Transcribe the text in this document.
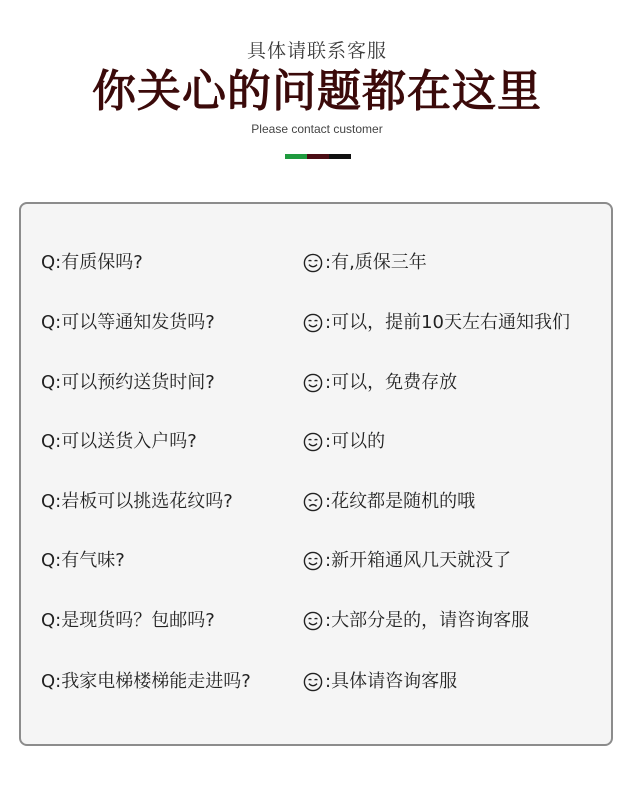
具体请联系客服
你关心的问题都在这里
Please contact customer
Q:有质保吗?	:有,质保三年
Q:可以等通知发货吗?	:可以，提前10天左右通知我们
Q:可以预约送货时间?	:可以，免费存放
Q:可以送货入户吗?	:可以的
Q:岩板可以挑选花纹吗?	:花纹都是随机的哦
Q:有气味?	:新开箱通风几天就没了
Q:是现货吗？包邮吗?	:大部分是的，请咨询客服
Q:我家电梯楼梯能走进吗?	:具体请咨询客服
